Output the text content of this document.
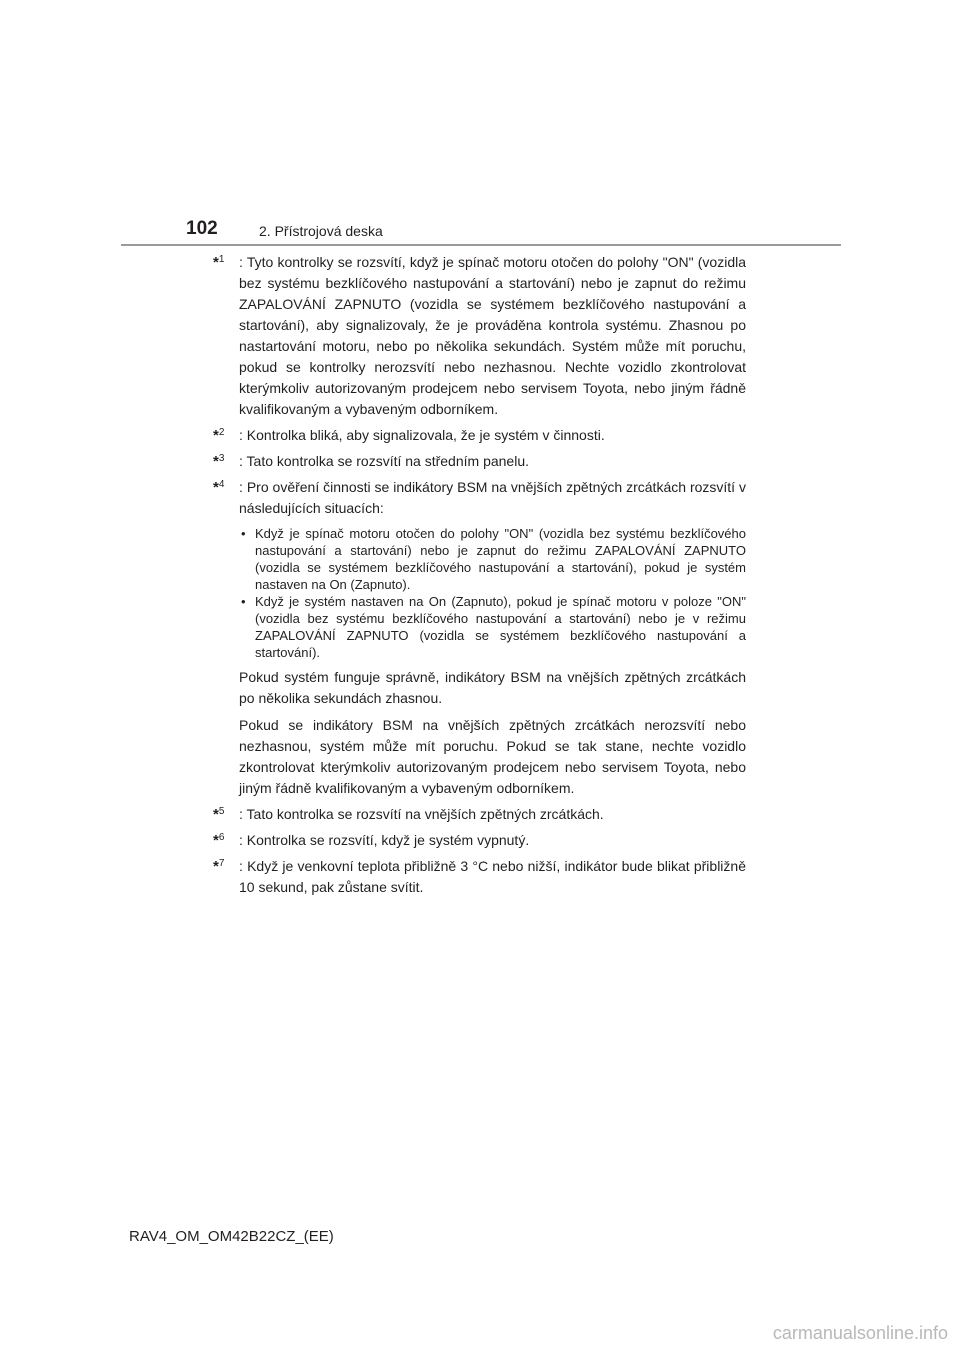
102	2. Přístrojová deska
*$^1$	: Tyto kontrolky se rozsvítí, když je spínač motoru otočen do polohy "ON" (vozidla bez systému bezklíčového nastupování a startování) nebo je zapnut do režimu ZAPALOVÁNÍ ZAPNUTO (vozidla se systémem bezklíčového nastupování a startování), aby signalizovaly, že je prováděna kontrola systému. Zhasnou po nastartování motoru, nebo po několika sekundách. Systém může mít poruchu, pokud se kontrolky nerozsvítí nebo nezhasnou. Nechte vozidlo zkontrolovat kterýmkoliv autorizovaným prodejcem nebo servisem Toyota, nebo jiným řádně kvalifikovaným a vybaveným odborníkem.
*$^2$	: Kontrolka bliká, aby signalizovala, že je systém v činnosti.
*$^3$	: Tato kontrolka se rozsvítí na středním panelu.
*$^4$	: Pro ověření činnosti se indikátory BSM na vnějších zpětných zrcátkách rozsvítí v následujících situacích:
• Když je spínač motoru otočen do polohy "ON" (vozidla bez systému bezklíčového nastupování a startování) nebo je zapnut do režimu ZAPALOVÁNÍ ZAPNUTO (vozidla se systémem bezklíčového nastupování a startování), pokud je systém nastaven na On (Zapnuto).
• Když je systém nastaven na On (Zapnuto), pokud je spínač motoru v poloze "ON" (vozidla bez systému bezklíčového nastupování a startování) nebo je v režimu ZAPALOVÁNÍ ZAPNUTO (vozidla se systémem bezklíčového nastupování a startování).
Pokud systém funguje správně, indikátory BSM na vnějších zpětných zrcátkách po několika sekundách zhasnou.
Pokud se indikátory BSM na vnějších zpětných zrcátkách nerozsvítí nebo nezhasnou, systém může mít poruchu. Pokud se tak stane, nechte vozidlo zkontrolovat kterýmkoliv autorizovaným prodejcem nebo servisem Toyota, nebo jiným řádně kvalifikovaným a vybaveným odborníkem.
*$^5$	: Tato kontrolka se rozsvítí na vnějších zpětných zrcátkách.
*$^6$	: Kontrolka se rozsvítí, když je systém vypnutý.
*$^7$	: Když je venkovní teplota přibližně 3 °C nebo nižší, indikátor bude blikat přibližně 10 sekund, pak zůstane svítit.
RAV4_OM_OM42B22CZ_(EE)
carmanualsonline.info
